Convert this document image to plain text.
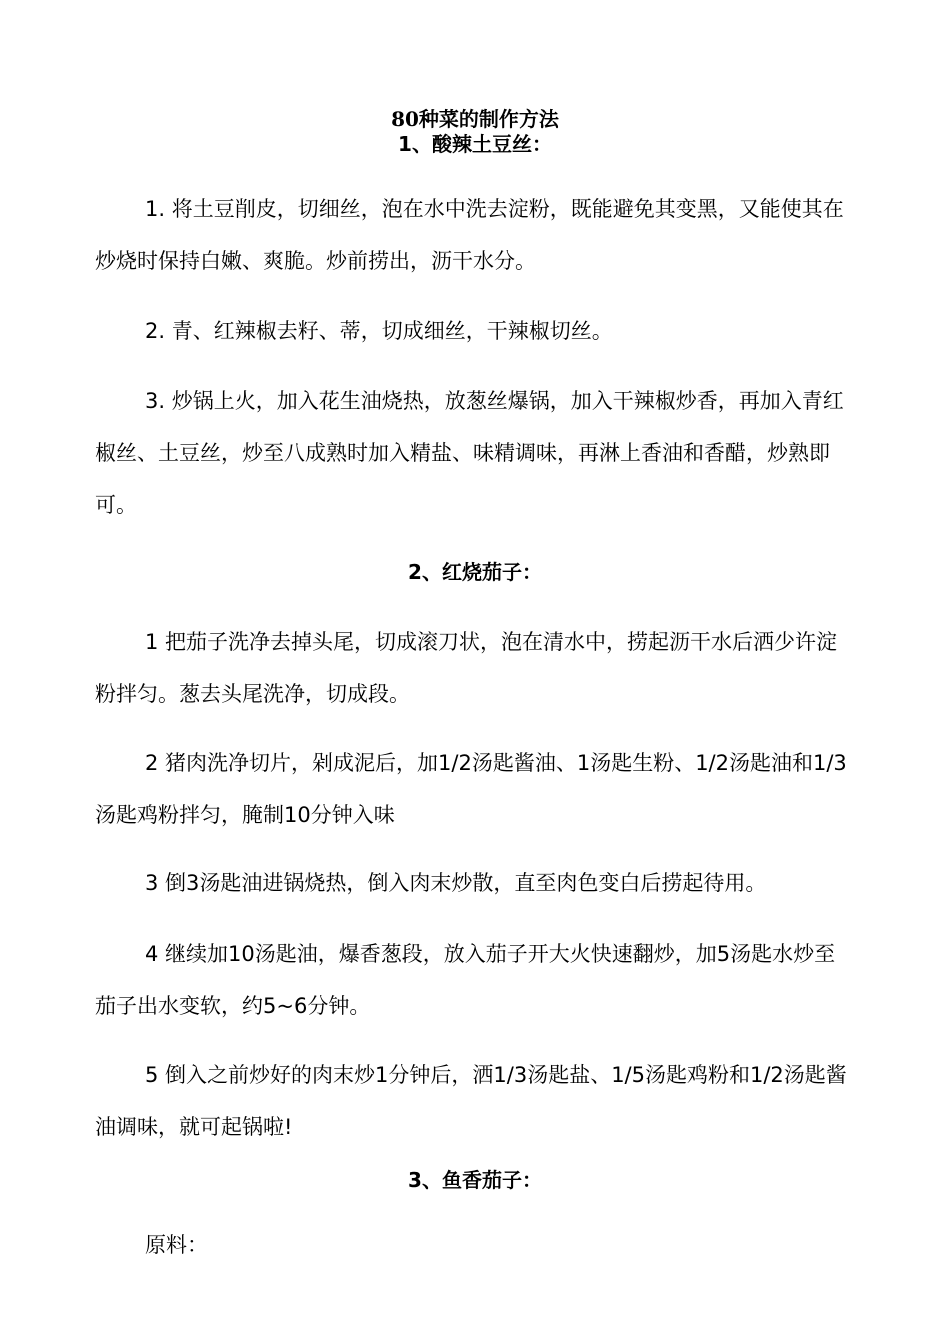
80种菜的制作方法
1、酸辣土豆丝：

1. 将土豆削皮，切细丝，泡在水中洗去淀粉，既能避免其变黑，又能使其在炒烧时保持白嫩、爽脆。炒前捞出，沥干水分。

2. 青、红辣椒去籽、蒂，切成细丝，干辣椒切丝。

3. 炒锅上火，加入花生油烧热，放葱丝爆锅，加入干辣椒炒香，再加入青红椒丝、土豆丝，炒至八成熟时加入精盐、味精调味，再淋上香油和香醋，炒熟即可。

2、红烧茄子：

1 把茄子洗净去掉头尾，切成滚刀状，泡在清水中，捞起沥干水后洒少许淀粉拌匀。葱去头尾洗净，切成段。

2 猪肉洗净切片，剁成泥后，加1/2汤匙酱油、1汤匙生粉、1/2汤匙油和1/3汤匙鸡粉拌匀，腌制10分钟入味

3 倒3汤匙油进锅烧热，倒入肉末炒散，直至肉色变白后捞起待用。

4 继续加10汤匙油，爆香葱段，放入茄子开大火快速翻炒，加5汤匙水炒至茄子出水变软，约5~6分钟。

5 倒入之前炒好的肉末炒1分钟后，洒1/3汤匙盐、1/5汤匙鸡粉和1/2汤匙酱油调味，就可起锅啦!

3、鱼香茄子：

原料：
